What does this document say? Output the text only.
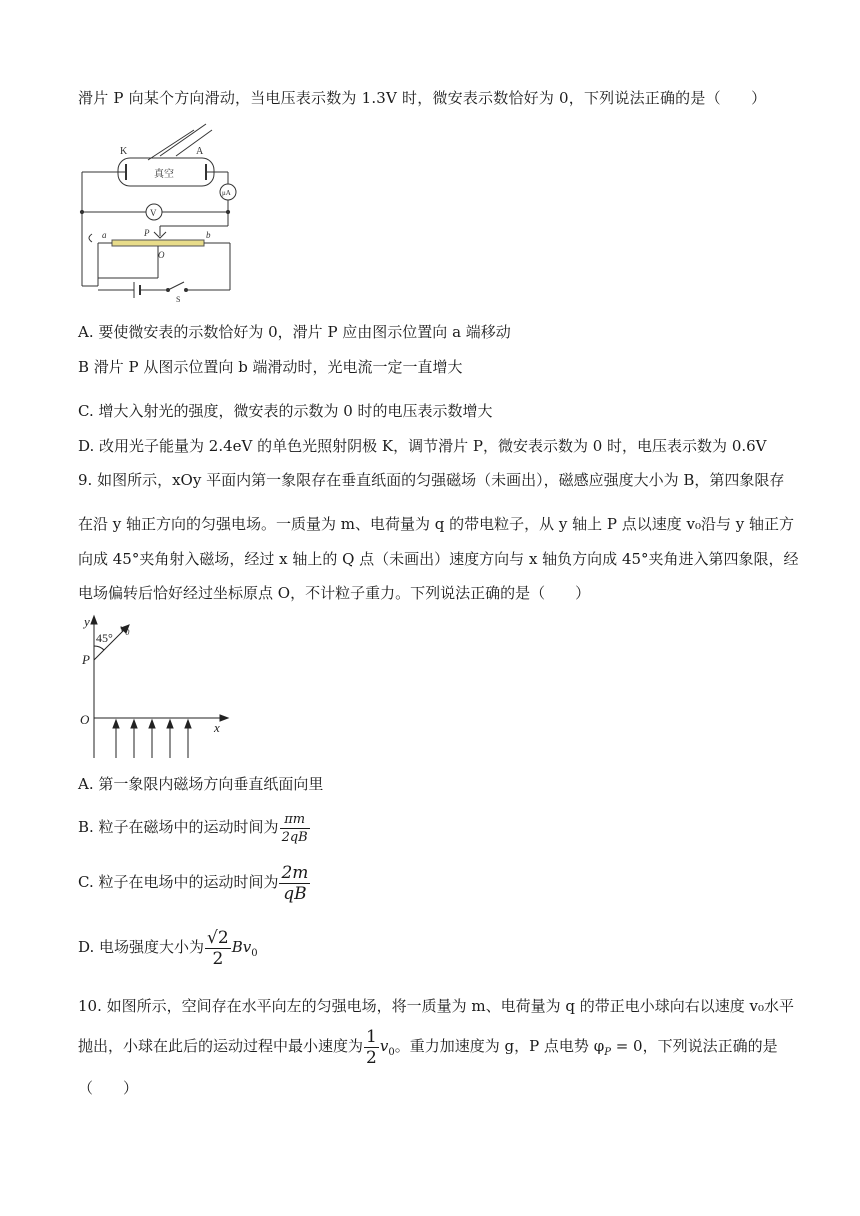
滑片 P 向某个方向滑动，当电压表示数为 1.3V 时，微安表示数恰好为 0，下列说法正确的是（　　）
K	A
真空
μA
V
P
a	b
O
S
A. 要使微安表的示数恰好为 0，滑片 P 应由图示位置向 a 端移动
B 滑片 P 从图示位置向 b 端滑动时，光电流一定一直增大
C. 增大入射光的强度，微安表的示数为 0 时的电压表示数增大
D. 改用光子能量为 2.4eV 的单色光照射阴极 K，调节滑片 P，微安表示数为 0 时，电压表示数为 0.6V
9. 如图所示，xOy 平面内第一象限存在垂直纸面的匀强磁场（未画出），磁感应强度大小为 B，第四象限存
在沿 y 轴正方向的匀强电场。一质量为 m、电荷量为 q 的带电粒子，从 y 轴上 P 点以速度 v₀沿与 y 轴正方
向成 45°夹角射入磁场，经过 x 轴上的 Q 点（未画出）速度方向与 x 轴负方向成 45°夹角进入第四象限，经
电场偏转后恰好经过坐标原点 O，不计粒子重力。下列说法正确的是（　　）
y
x
O
P
45°
$v_0$
A. 第一象限内磁场方向垂直纸面向里
B. 粒子在磁场中的运动时间为 $\frac{\pi m}{2qB}$
C. 粒子在电场中的运动时间为 $\frac{2m}{qB}$
D. 电场强度大小为 $\frac{√2}{2} Bv_0$
10. 如图所示，空间存在水平向左的匀强电场，将一质量为 m、电荷量为 q 的带正电小球向右以速度 v₀水平
抛出，小球在此后的运动过程中最小速度为 $\frac{1}{2} v_0$。重力加速度为 g，P 点电势 $\varphi_P = 0$，下列说法正确的是
（　　）
